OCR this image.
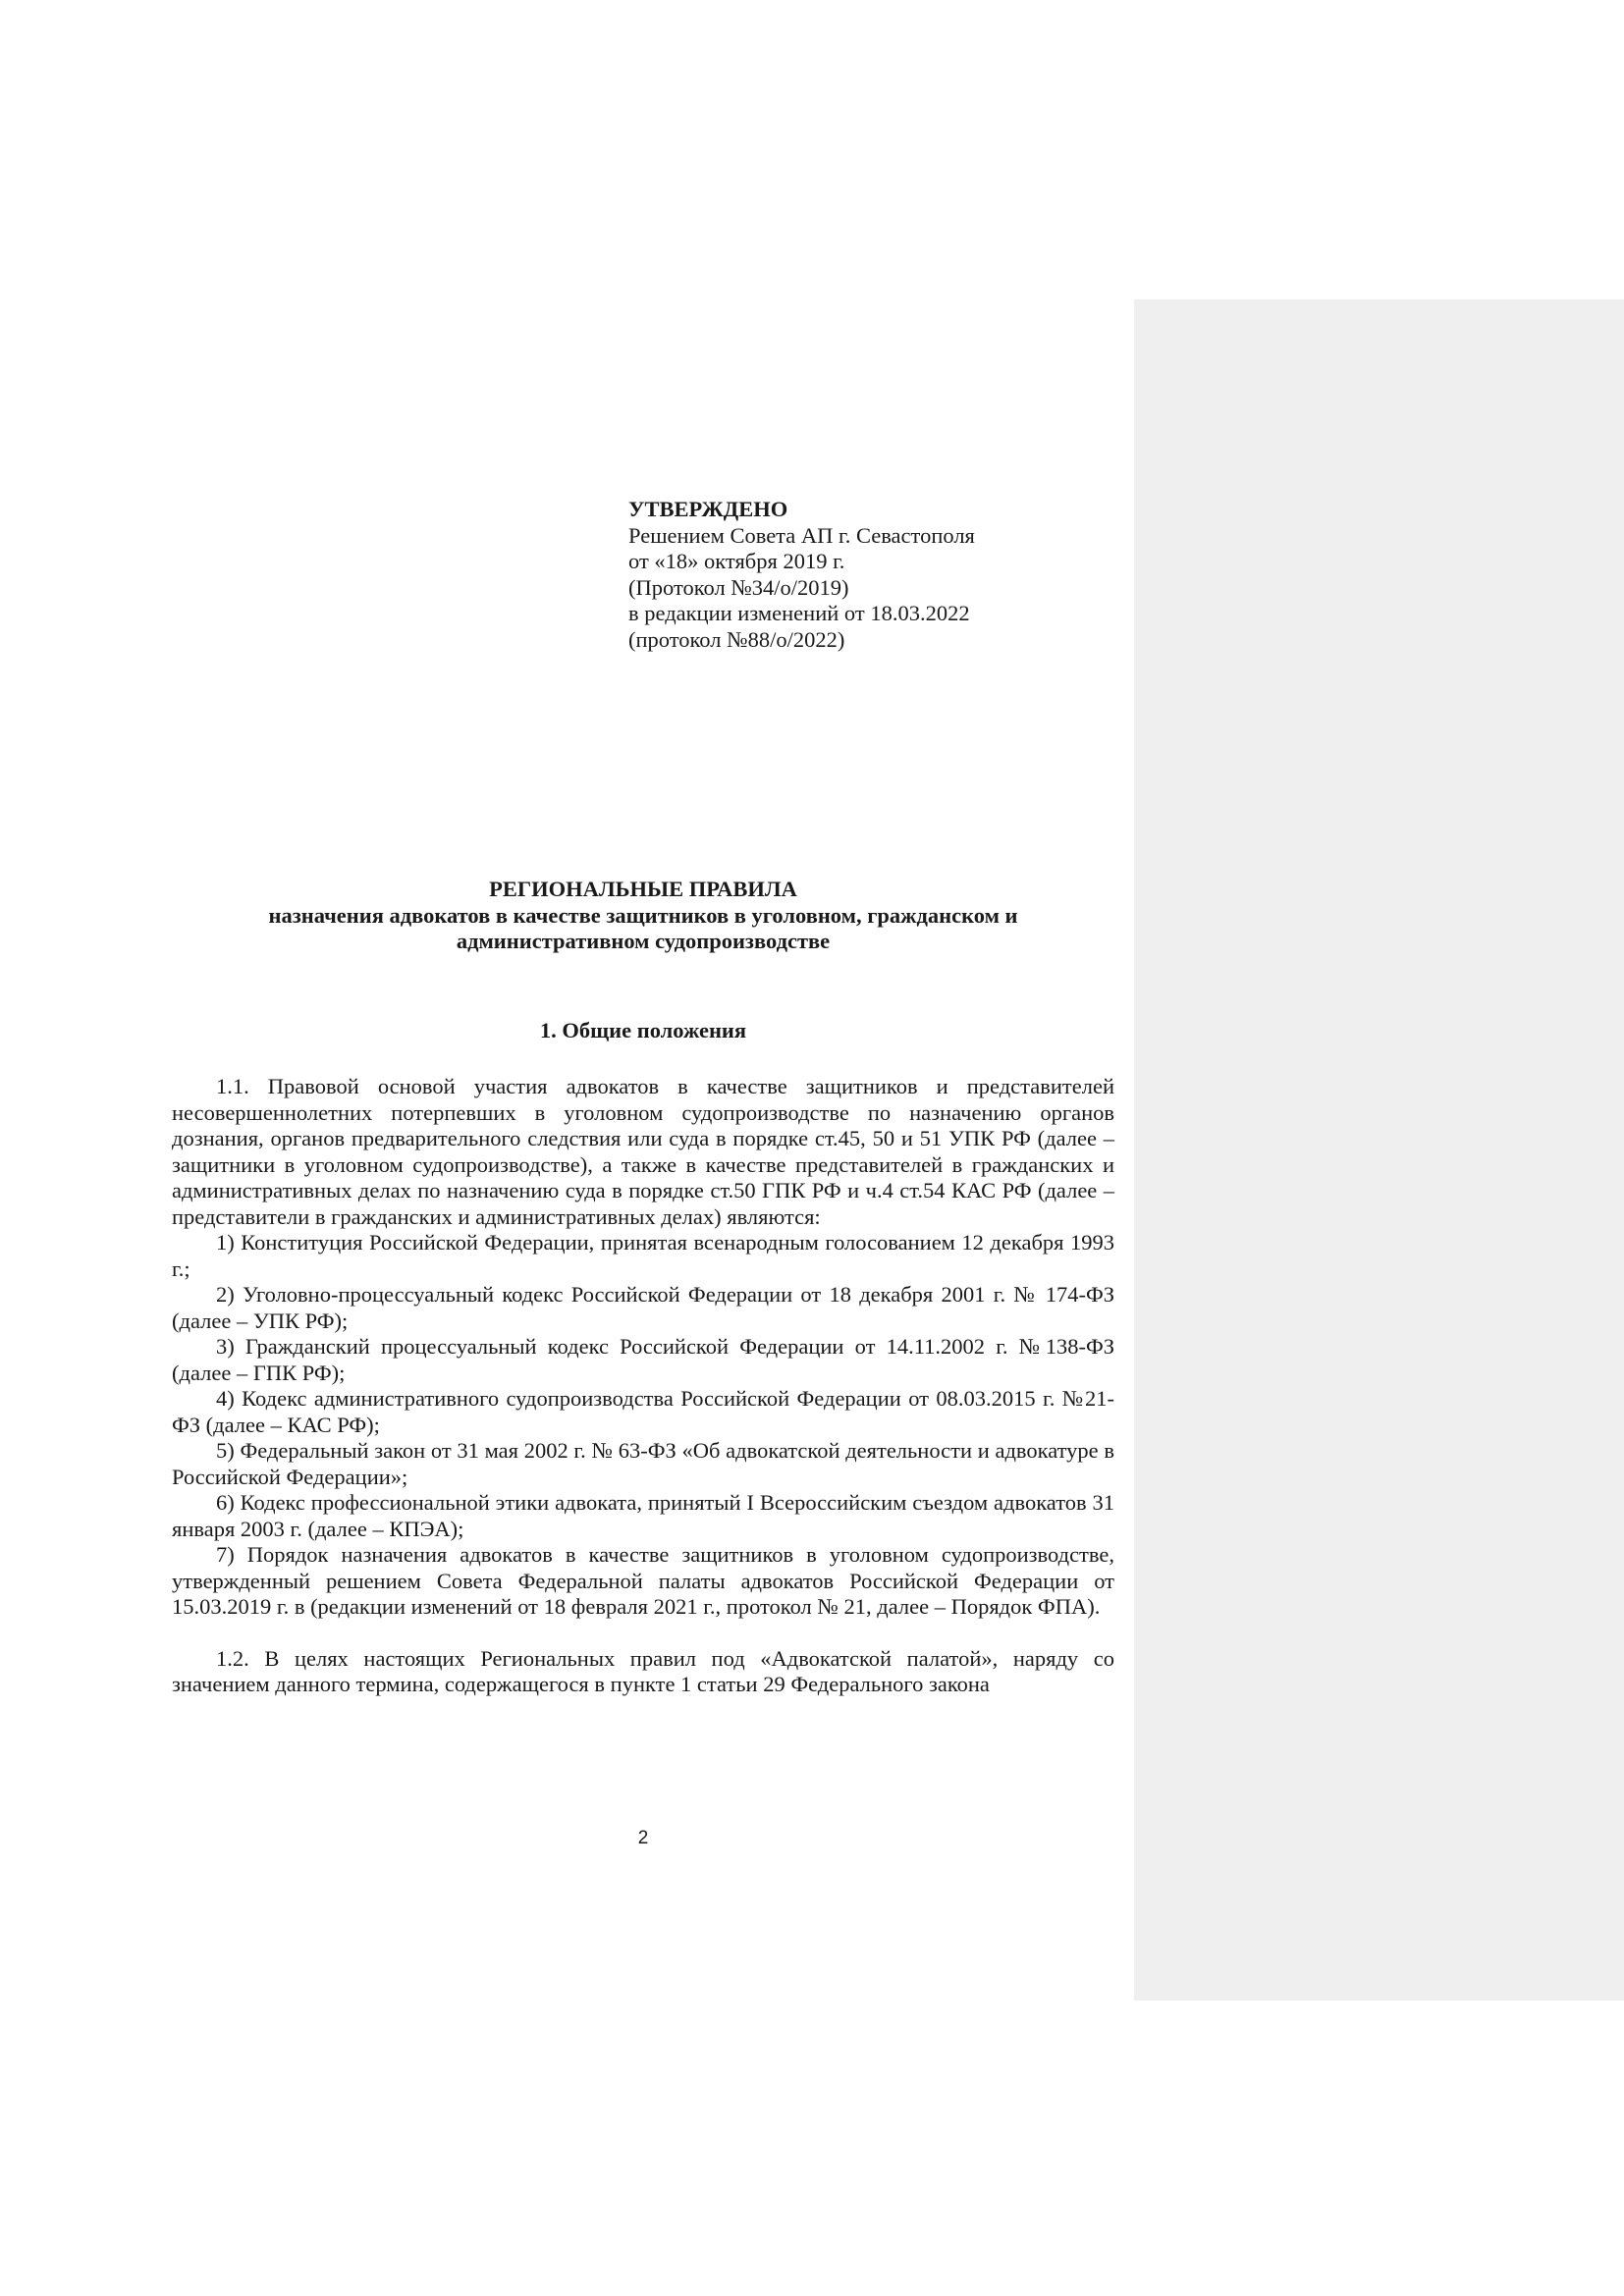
УТВЕРЖДЕНО
Решением Совета АП г. Севастополя
от «18» октября 2019 г.
(Протокол №34/о/2019)
в редакции изменений от 18.03.2022
(протокол №88/о/2022)
РЕГИОНАЛЬНЫЕ ПРАВИЛА
назначения адвокатов в качестве защитников в уголовном, гражданском и
административном судопроизводстве
1. Общие положения

1.1. Правовой основой участия адвокатов в качестве защитников и представителей несовершеннолетних потерпевших в уголовном судопроизводстве по назначению органов дознания, органов предварительного следствия или суда в порядке ст.45, 50 и 51 УПК РФ (далее – защитники в уголовном судопроизводстве), а также в качестве представителей в гражданских и административных делах по назначению суда в порядке ст.50 ГПК РФ и ч.4 ст.54 КАС РФ (далее – представители в гражданских и административных делах) являются:

1) Конституция Российской Федерации, принятая всенародным голосованием 12 декабря 1993 г.;

2) Уголовно-процессуальный кодекс Российской Федерации от 18 декабря 2001 г. № 174-ФЗ (далее – УПК РФ);

3) Гражданский процессуальный кодекс Российской Федерации от 14.11.2002 г. №138-ФЗ (далее – ГПК РФ);

4) Кодекс административного судопроизводства Российской Федерации от 08.03.2015 г. №21-ФЗ (далее – КАС РФ);

5) Федеральный закон от 31 мая 2002 г. № 63-ФЗ «Об адвокатской деятельности и адвокатуре в Российской Федерации»;

6) Кодекс профессиональной этики адвоката, принятый I Всероссийским съездом адвокатов 31 января 2003 г. (далее – КПЭА);

7) Порядок назначения адвокатов в качестве защитников в уголовном судопроизводстве, утвержденный решением Совета Федеральной палаты адвокатов Российской Федерации от 15.03.2019 г. в (редакции изменений от 18 февраля 2021 г., протокол № 21, далее – Порядок ФПА).

1.2. В целях настоящих Региональных правил под «Адвокатской палатой», наряду со значением данного термина, содержащегося в пункте 1 статьи 29 Федерального закона

2
